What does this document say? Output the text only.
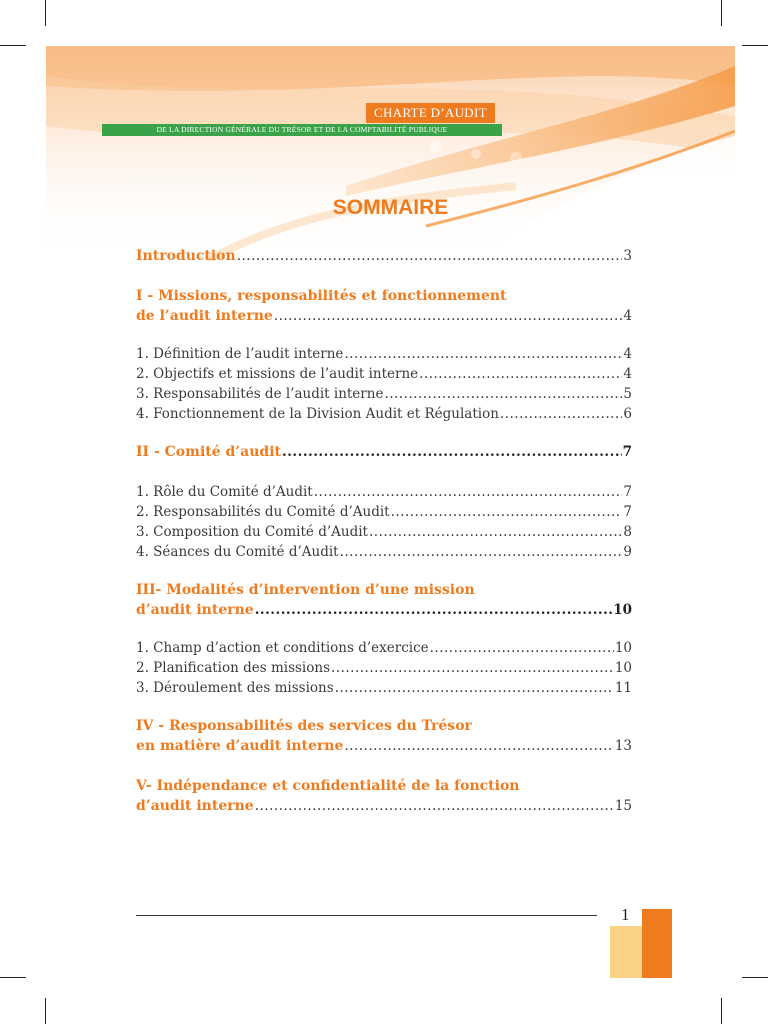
CHARTE D’AUDIT
DE LA DIRECTION GÉNÉRALE DU TRÉSOR ET DE LA COMPTABILITÉ PUBLIQUE
SOMMAIRE
Introduction .....	3
I - Missions, responsabilités et fonctionnement
de l’audit interne .....	4
1. Définition de l’audit interne .....	4
2. Objectifs et missions de l’audit interne .....	4
3. Responsabilités de l’audit interne .....	5
4. Fonctionnement de la Division Audit et Régulation .....	6
II - Comité d’audit .....	7
1. Rôle du Comité d’Audit .....	7
2. Responsabilités du Comité d’Audit .....	7
3. Composition du Comité d’Audit .....	8
4. Séances du Comité d’Audit .....	9
III- Modalités d’intervention d’une mission
d’audit interne .....	10
1. Champ d’action et conditions d’exercice .....	10
2. Planification des missions .....	10
3. Déroulement des missions .....	11
IV - Responsabilités des services du Trésor
en matière d’audit interne .....	13
V- Indépendance et confidentialité de la fonction
d’audit interne .....	15
1
